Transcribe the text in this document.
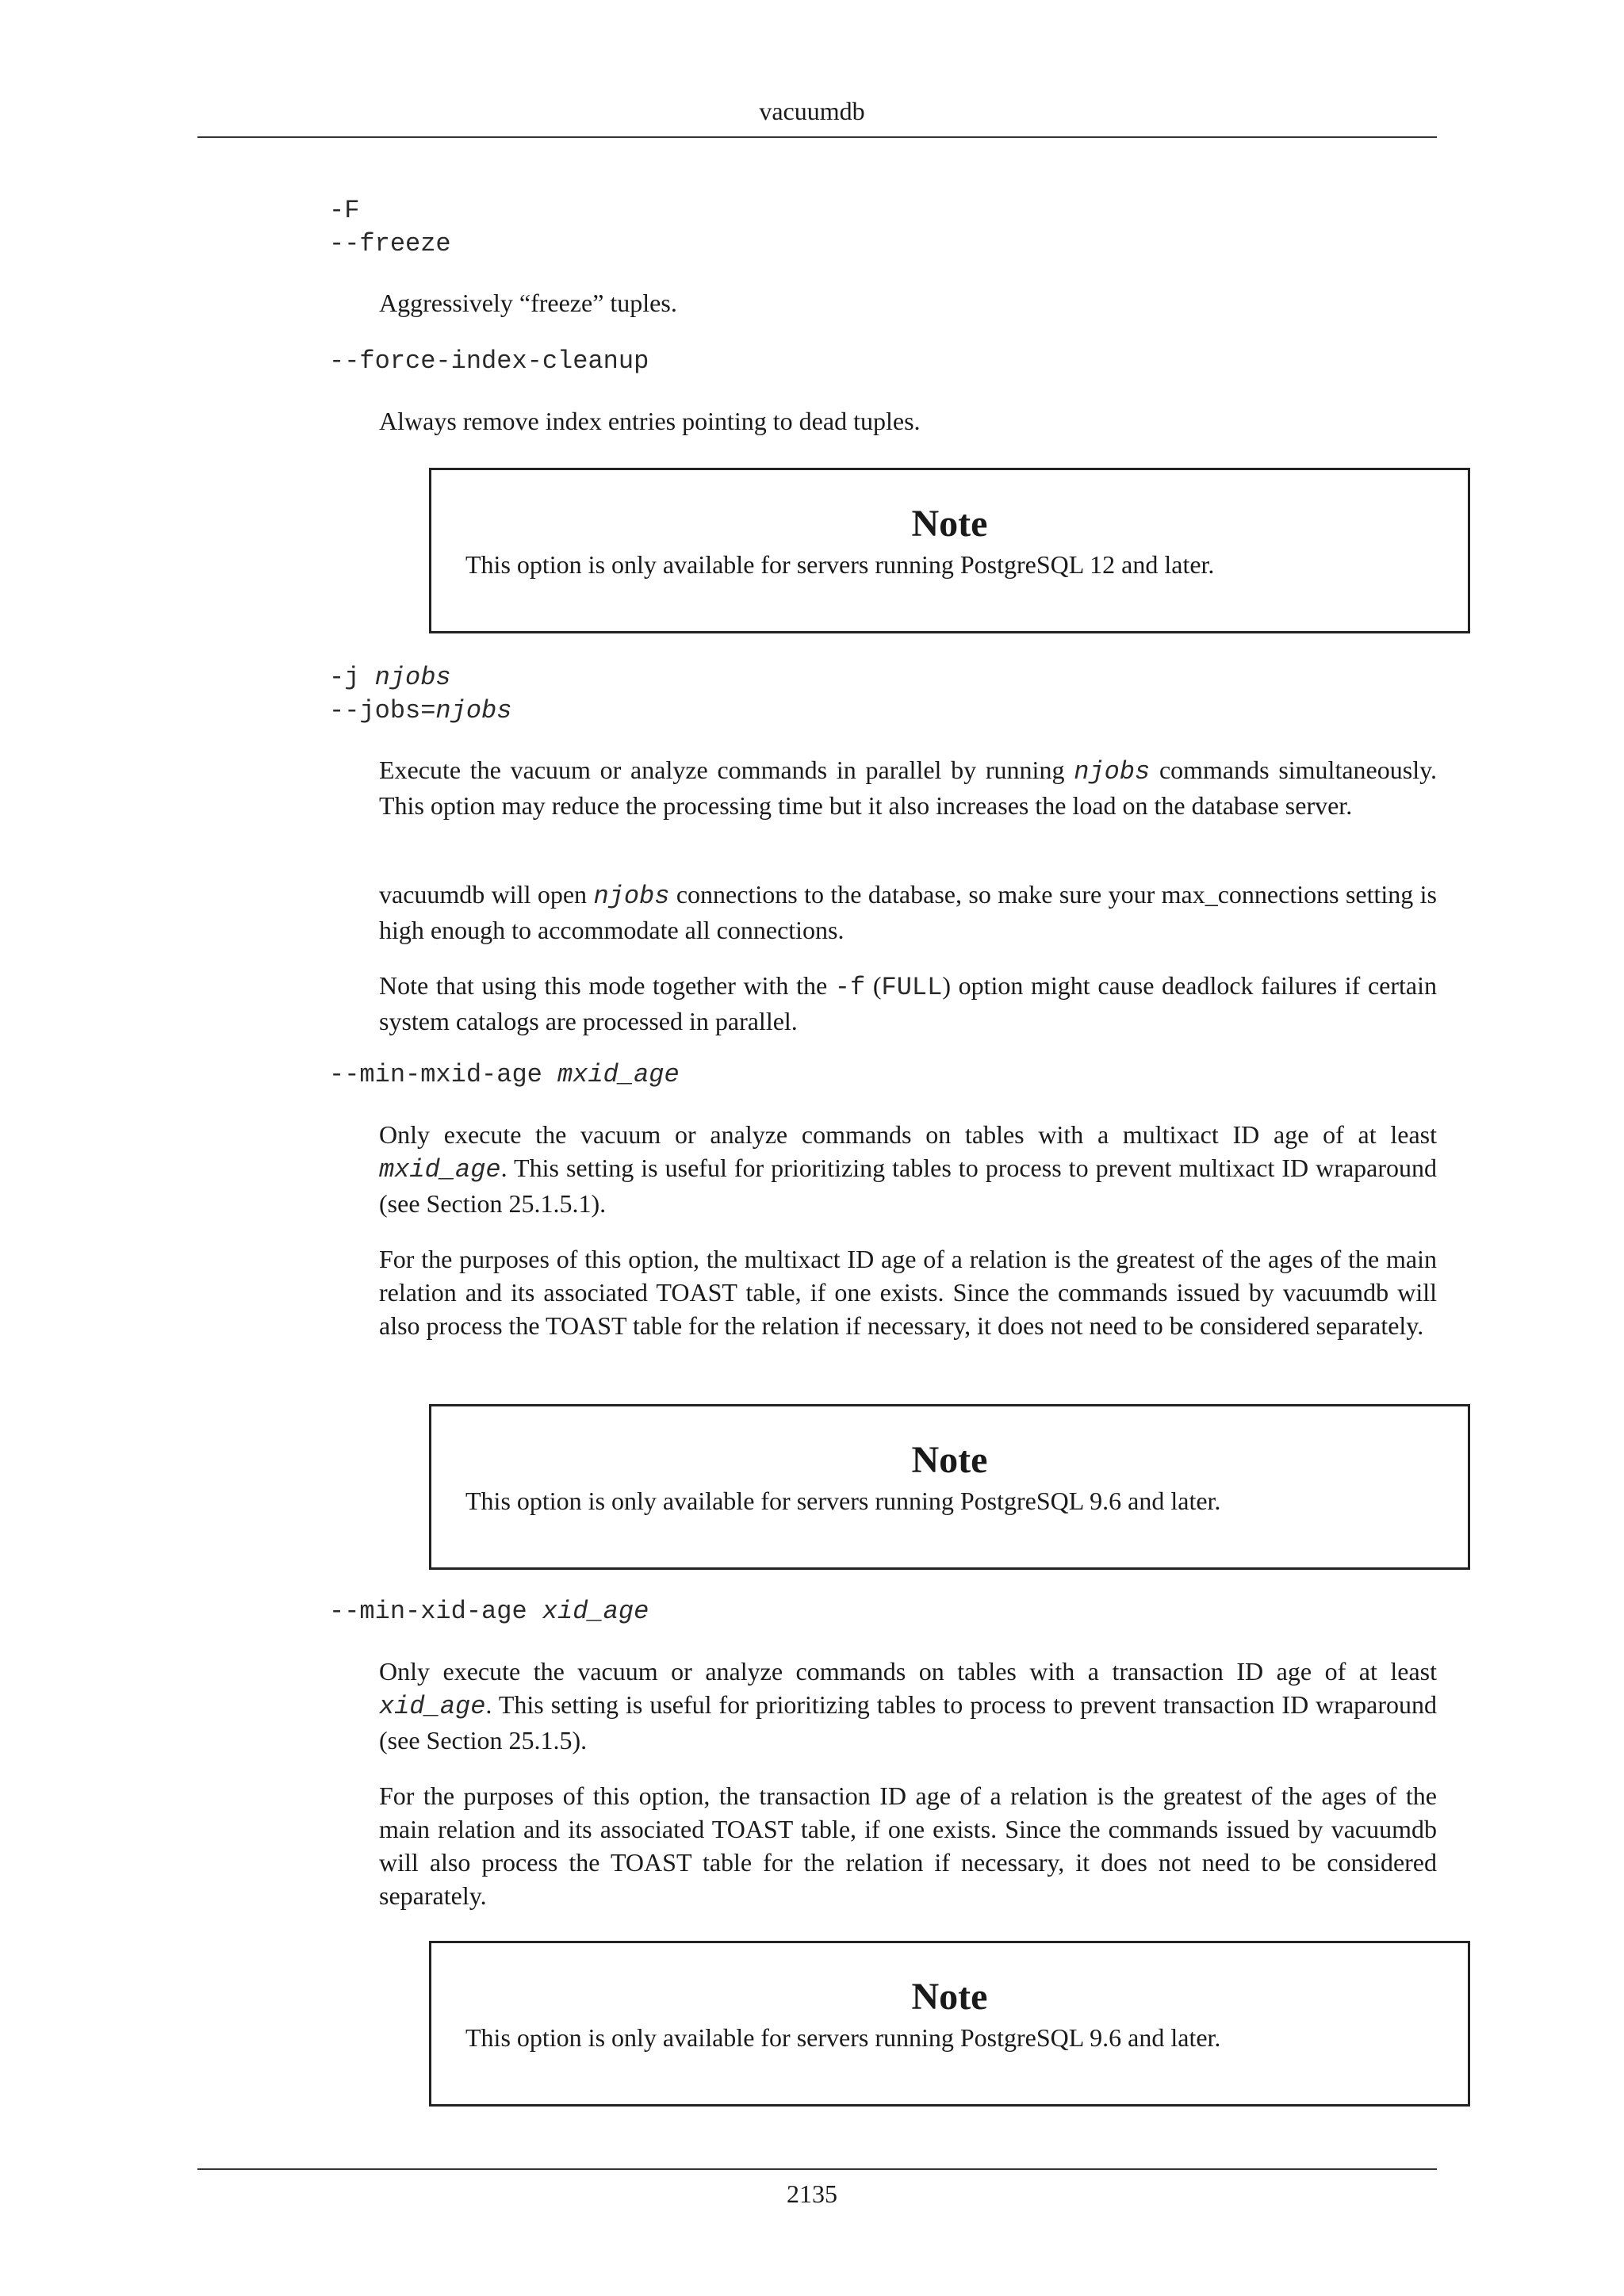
vacuumdb
-F
--freeze

Aggressively “freeze” tuples.

--force-index-cleanup

Always remove index entries pointing to dead tuples.

Note
This option is only available for servers running PostgreSQL 12 and later.
-j njobs
--jobs=njobs

Execute the vacuum or analyze commands in parallel by running njobs commands simultaneously. This option may reduce the processing time but it also increases the load on the database server.

vacuumdb will open njobs connections to the database, so make sure your max_connections setting is high enough to accommodate all connections.

Note that using this mode together with the -f (FULL) option might cause deadlock failures if certain system catalogs are processed in parallel.

--min-mxid-age mxid_age

Only execute the vacuum or analyze commands on tables with a multixact ID age of at least mxid_age. This setting is useful for prioritizing tables to process to prevent multixact ID wraparound (see Section 25.1.5.1).

For the purposes of this option, the multixact ID age of a relation is the greatest of the ages of the main relation and its associated TOAST table, if one exists. Since the commands issued by vacuumdb will also process the TOAST table for the relation if necessary, it does not need to be considered separately.

Note
This option is only available for servers running PostgreSQL 9.6 and later.
--min-xid-age xid_age

Only execute the vacuum or analyze commands on tables with a transaction ID age of at least xid_age. This setting is useful for prioritizing tables to process to prevent transaction ID wraparound (see Section 25.1.5).

For the purposes of this option, the transaction ID age of a relation is the greatest of the ages of the main relation and its associated TOAST table, if one exists. Since the commands issued by vacuumdb will also process the TOAST table for the relation if necessary, it does not need to be considered separately.

Note
This option is only available for servers running PostgreSQL 9.6 and later.
2135
